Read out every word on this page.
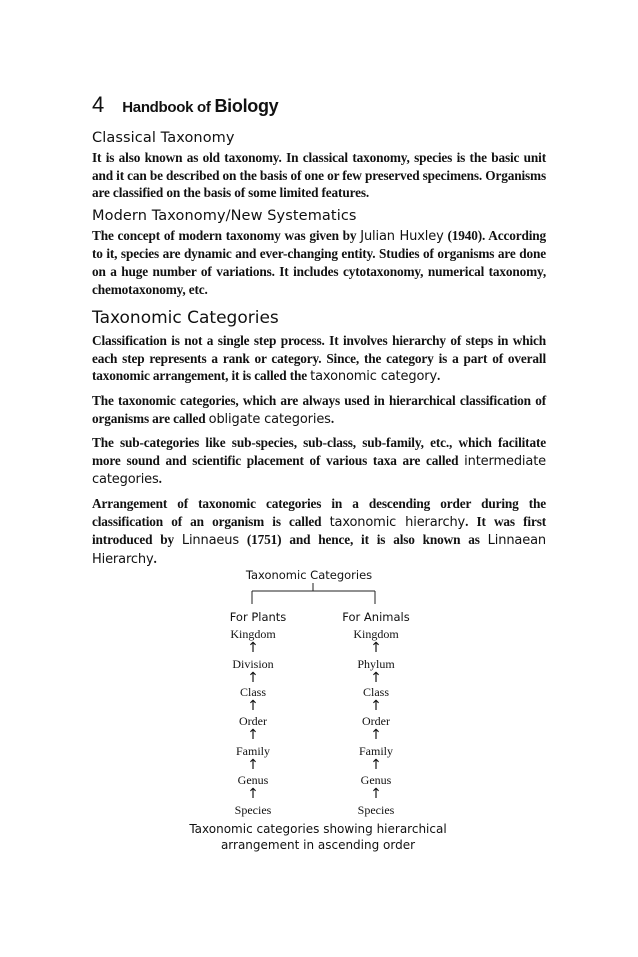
4 Handbook of Biology
Classical Taxonomy

It is also known as old taxonomy. In classical taxonomy, species is the basic unit and it can be described on the basis of one or few preserved specimens. Organisms are classified on the basis of some limited features.

Modern Taxonomy/New Systematics

The concept of modern taxonomy was given by Julian Huxley (1940). According to it, species are dynamic and ever-changing entity. Studies of organisms are done on a huge number of variations. It includes cytotaxonomy, numerical taxonomy, chemotaxonomy, etc.

Taxonomic Categories

Classification is not a single step process. It involves hierarchy of steps in which each step represents a rank or category. Since, the category is a part of overall taxonomic arrangement, it is called the taxonomic category.

The taxonomic categories, which are always used in hierarchical classification of organisms are called obligate categories.

The sub-categories like sub-species, sub-class, sub-family, etc., which facilitate more sound and scientific placement of various taxa are called intermediate categories.

Arrangement of taxonomic categories in a descending order during the classification of an organism is called taxonomic hierarchy. It was first introduced by Linnaeus (1751) and hence, it is also known as Linnaean Hierarchy.

Taxonomic Categories
For Plants	For Animals
Kingdom
↑
Division
↑
Class
↑
Order
↑
Family
↑
Genus
↑
Species
Kingdom
↑
Phylum
↑
Class
↑
Order
↑
Family
↑
Genus
↑
Species
Taxonomic categories showing hierarchical
arrangement in ascending order
